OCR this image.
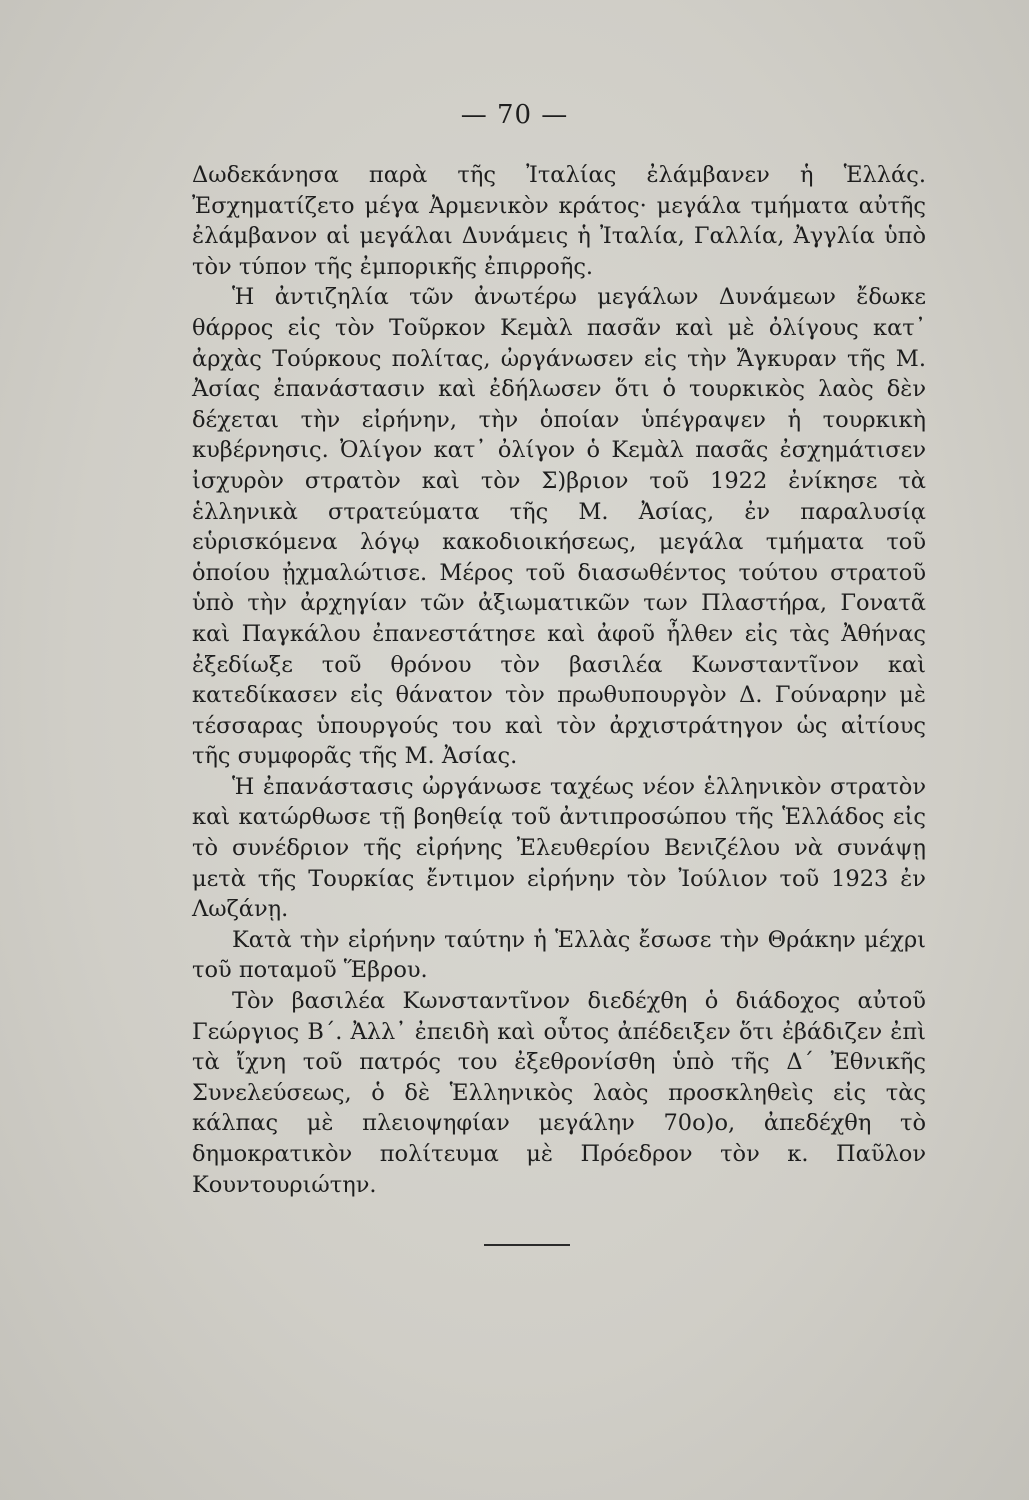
— 70 —

Δωδεκάνησα παρὰ τῆς Ἰταλίας ἐλάμβανεν ἡ Ἑλλάς. Ἐσχηματίζετο μέγα Ἀρμενικὸν κράτος· μεγάλα τμήματα αὐτῆς ἐλάμβανον αἱ μεγάλαι Δυνάμεις ἡ Ἰταλία, Γαλλία, Ἀγγλία ὑπὸ τὸν τύπον τῆς ἐμπορικῆς ἐπιρροῆς.

Ἡ ἀντιζηλία τῶν ἀνωτέρω μεγάλων Δυνάμεων ἔδωκε θάρρος εἰς τὸν Τοῦρκον Κεμὰλ πασᾶν καὶ μὲ ὀλίγους κατ᾽ ἀρχὰς Τούρκους πολίτας, ὠργάνωσεν εἰς τὴν Ἄγκυραν τῆς Μ. Ἀσίας ἐπανάστασιν καὶ ἐδήλωσεν ὅτι ὁ τουρκικὸς λαὸς δὲν δέχεται τὴν εἰρήνην, τὴν ὁποίαν ὑπέγραψεν ἡ τουρκικὴ κυβέρνησις. Ὀλίγον κατ᾽ ὀλίγον ὁ Κεμὰλ πασᾶς ἐσχημάτισεν ἰσχυρὸν στρατὸν καὶ τὸν Σ)βριον τοῦ 1922 ἐνίκησε τὰ ἑλληνικὰ στρατεύματα τῆς Μ. Ἀσίας, ἐν παραλυσίᾳ εὑρισκόμενα λόγῳ κακοδιοικήσεως, μεγάλα τμήματα τοῦ ὁποίου ᾐχμαλώτισε. Μέρος τοῦ διασωθέντος τούτου στρατοῦ ὑπὸ τὴν ἀρχηγίαν τῶν ἀξιωματικῶν των Πλαστήρα, Γονατᾶ καὶ Παγκάλου ἐπανεστάτησε καὶ ἀφοῦ ἦλθεν εἰς τὰς Ἀθήνας ἐξεδίωξε τοῦ θρόνου τὸν βασιλέα Κωνσταντῖνον καὶ κατεδίκασεν εἰς θάνατον τὸν πρωθυπουργὸν Δ. Γούναρην μὲ τέσσαρας ὑπουργούς του καὶ τὸν ἀρχιστράτηγον ὡς αἰτίους τῆς συμφορᾶς τῆς Μ. Ἀσίας.

Ἡ ἐπανάστασις ὠργάνωσε ταχέως νέον ἑλληνικὸν στρατὸν καὶ κατώρθωσε τῇ βοηθείᾳ τοῦ ἀντιπροσώπου τῆς Ἑλλάδος εἰς τὸ συνέδριον τῆς εἰρήνης Ἐλευθερίου Βενιζέλου νὰ συνάψῃ μετὰ τῆς Τουρκίας ἔντιμον εἰρήνην τὸν Ἰούλιον τοῦ 1923 ἐν Λωζάνῃ.

Κατὰ τὴν εἰρήνην ταύτην ἡ Ἑλλὰς ἔσωσε τὴν Θράκην μέχρι τοῦ ποταμοῦ Ἕβρου.

Τὸν βασιλέα Κωνσταντῖνον διεδέχθη ὁ διάδοχος αὐτοῦ Γεώργιος Β΄. Ἀλλ᾽ ἐπειδὴ καὶ οὗτος ἀπέδειξεν ὅτι ἐβάδιζεν ἐπὶ τὰ ἴχνη τοῦ πατρός του ἐξεθρονίσθη ὑπὸ τῆς Δ΄ Ἐθνικῆς Συνελεύσεως, ὁ δὲ Ἑλληνικὸς λαὸς προσκληθεὶς εἰς τὰς κάλπας μὲ πλειοψηφίαν μεγάλην 70ο)ο, ἀπεδέχθη τὸ δημοκρατικὸν πολίτευμα μὲ Πρόεδρον τὸν κ. Παῦλον Κουντουριώτην.
